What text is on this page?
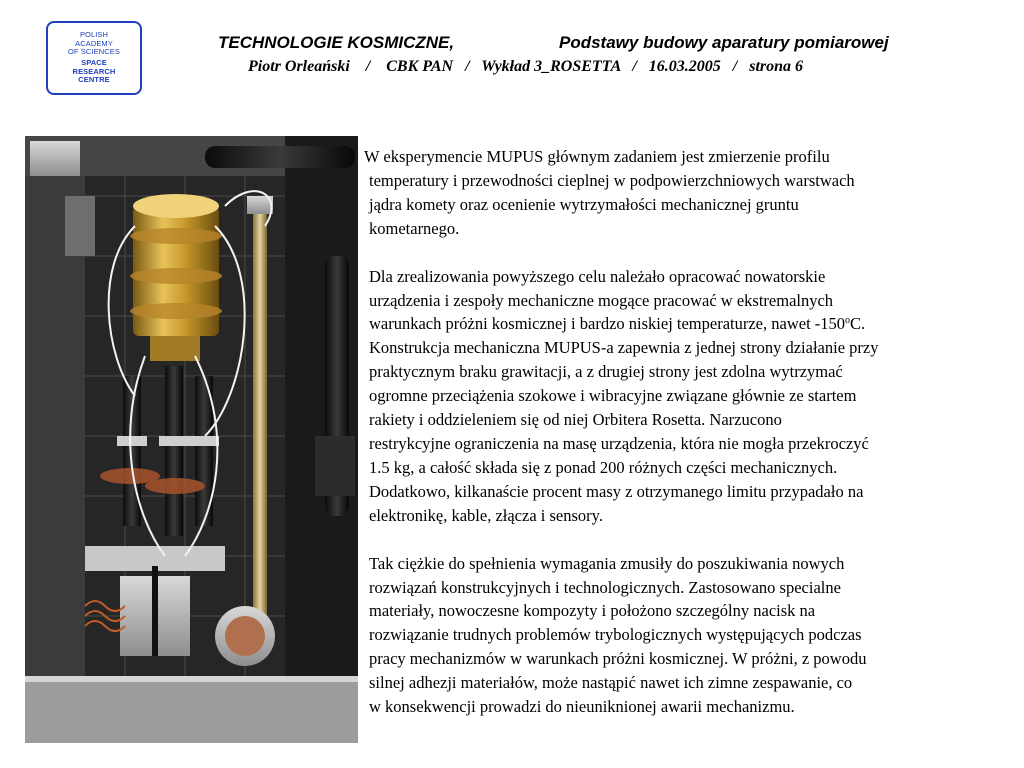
POLISH
ACADEMY
OF SCIENCES
SPACE
RESEARCH
CENTRE
TECHNOLOGIE KOSMICZNE,	Podstawy budowy aparatury pomiarowej
Piotr Orleański    /    CBK PAN   /   Wykład 3_ROSETTA   /   16.03.2005   /   strona 6

W eksperymencie MUPUS głównym zadaniem jest zmierzenie profilu
temperatury i przewodności cieplnej w podpowierzchniowych warstwach
jądra komety oraz ocenienie wytrzymałości mechanicznej gruntu
kometarnego.

Dla zrealizowania powyższego celu należało opracować nowatorskie
urządzenia i zespoły mechaniczne mogące pracować w ekstremalnych
warunkach próżni kosmicznej i bardzo niskiej temperaturze, nawet -150$^o$C.
Konstrukcja mechaniczna MUPUS-a zapewnia z jednej strony działanie przy
praktycznym braku grawitacji, a z drugiej strony jest zdolna wytrzymać
ogromne przeciążenia szokowe i wibracyjne związane głównie ze startem
rakiety i oddzieleniem się od niej Orbitera Rosetta. Narzucono
restrykcyjne ograniczenia na masę urządzenia, która nie mogła przekroczyć
1.5 kg, a całość składa się z ponad 200 różnych części mechanicznych.
Dodatkowo, kilkanaście procent masy z otrzymanego limitu przypadało na
elektronikę, kable, złącza i sensory.

Tak ciężkie do spełnienia wymagania zmusiły do poszukiwania nowych
rozwiązań konstrukcyjnych i technologicznych. Zastosowano specialne
materiały, nowoczesne kompozyty i położono szczególny nacisk na
rozwiązanie trudnych problemów trybologicznych występujących podczas
pracy mechanizmów w warunkach próżni kosmicznej. W próżni, z powodu
silnej adhezji materiałów, może nastąpić nawet ich zimne zespawanie, co
w konsekwencji prowadzi do nieuniknionej awarii mechanizmu.
